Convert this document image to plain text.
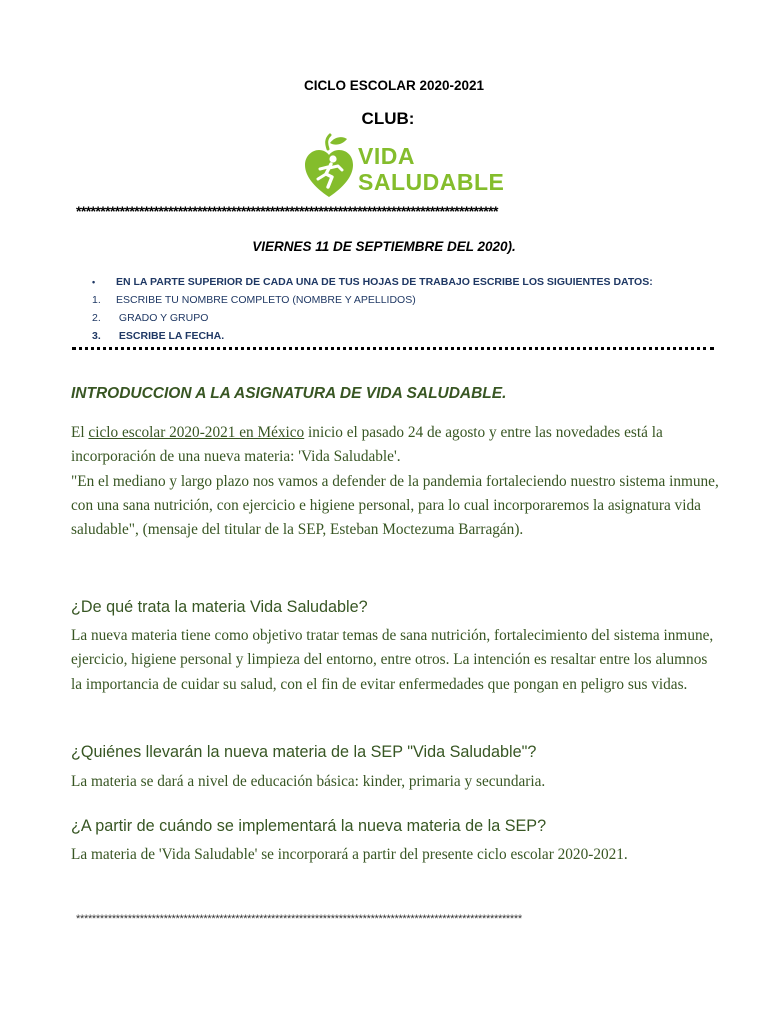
CICLO ESCOLAR 2020-2021
CLUB:
VIDA
SALUDABLE
***************************************************************************************
VIERNES 11 DE SEPTIEMBRE DEL 2020).
• EN LA PARTE SUPERIOR DE CADA UNA DE TUS HOJAS DE TRABAJO ESCRIBE LOS SIGUIENTES DATOS:
1. ESCRIBE TU NOMBRE COMPLETO (NOMBRE Y APELLIDOS)
2. GRADO Y GRUPO
3. ESCRIBE LA FECHA.
INTRODUCCION A LA ASIGNATURA DE VIDA SALUDABLE.
El ciclo escolar 2020-2021 en México inicio el pasado 24 de agosto y entre las novedades está la incorporación de una nueva materia: 'Vida Saludable'.
"En el mediano y largo plazo nos vamos a defender de la pandemia fortaleciendo nuestro sistema inmune, con una sana nutrición, con ejercicio e higiene personal, para lo cual incorporaremos la asignatura vida saludable", (mensaje del titular de la SEP, Esteban Moctezuma Barragán).
¿De qué trata la materia Vida Saludable?
La nueva materia tiene como objetivo tratar temas de sana nutrición, fortalecimiento del sistema inmune, ejercicio, higiene personal y limpieza del entorno, entre otros. La intención es resaltar entre los alumnos la importancia de cuidar su salud, con el fin de evitar enfermedades que pongan en peligro sus vidas.
¿Quiénes llevarán la nueva materia de la SEP "Vida Saludable"?
La materia se dará a nivel de educación básica: kinder, primaria y secundaria.
¿A partir de cuándo se implementará la nueva materia de la SEP?
La materia de 'Vida Saludable' se incorporará a partir del presente ciclo escolar 2020-2021.
****************************************************************************************************************
